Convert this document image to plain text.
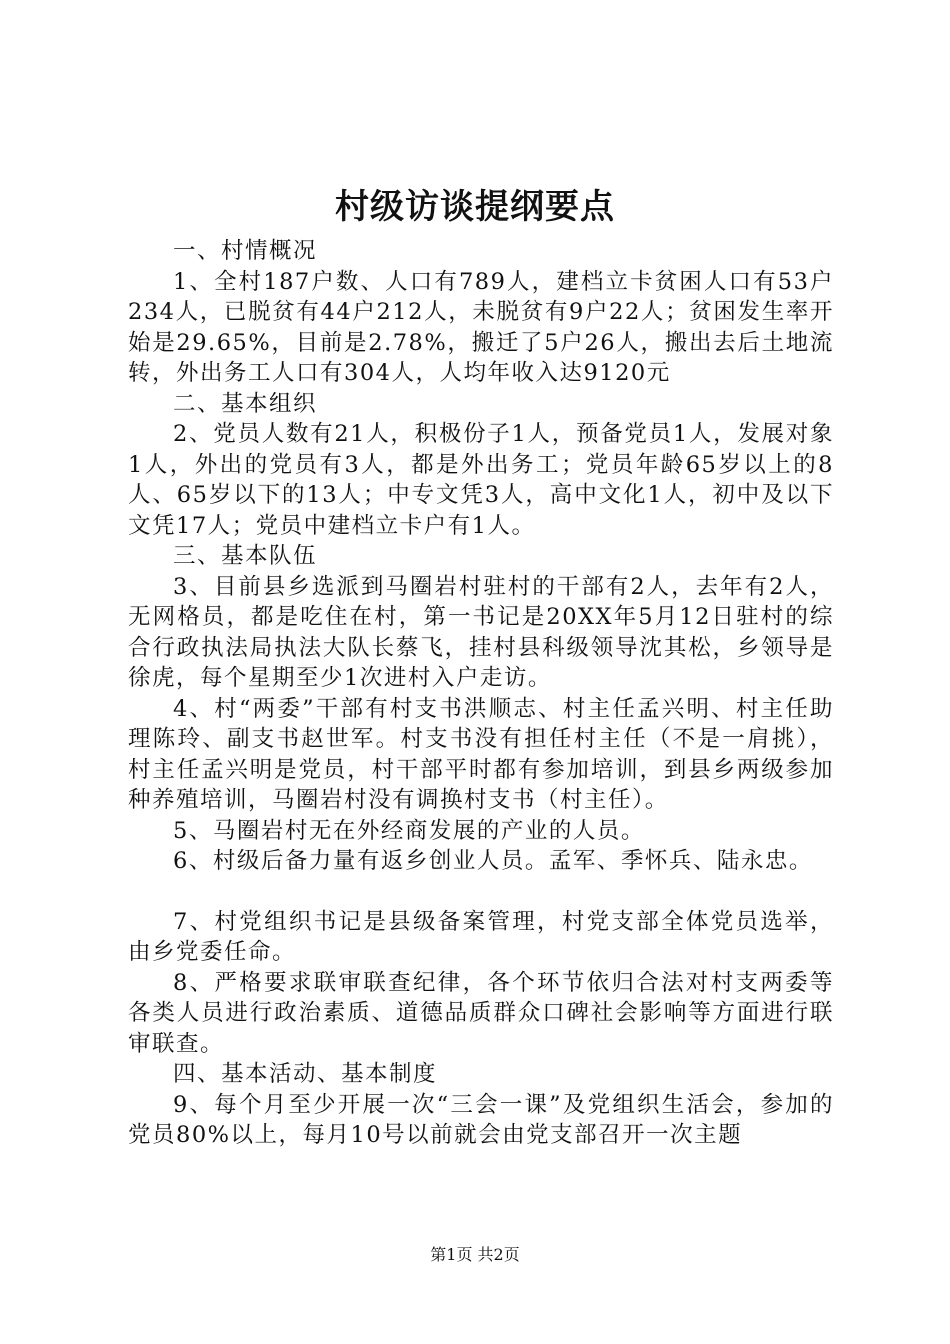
村级访谈提纲要点

一、村情概况

1、全村187户数、人口有789人，建档立卡贫困人口有53户234人，已脱贫有44户212人，未脱贫有9户22人；贫困发生率开始是29.65%，目前是2.78%，搬迁了5户26人，搬出去后土地流转，外出务工人口有304人，人均年收入达9120元

二、基本组织

2、党员人数有21人，积极份子1人，预备党员1人，发展对象1人，外出的党员有3人，都是外出务工；党员年龄65岁以上的8人、65岁以下的13人；中专文凭3人，高中文化1人，初中及以下文凭17人；党员中建档立卡户有1人。

三、基本队伍

3、目前县乡选派到马圈岩村驻村的干部有2人，去年有2人，无网格员，都是吃住在村，第一书记是20XX年5月12日驻村的综合行政执法局执法大队长蔡飞，挂村县科级领导沈其松，乡领导是徐虎，每个星期至少1次进村入户走访。

4、村“两委”干部有村支书洪顺志、村主任孟兴明、村主任助理陈玲、副支书赵世军。村支书没有担任村主任（不是一肩挑），村主任孟兴明是党员，村干部平时都有参加培训，到县乡两级参加种养殖培训，马圈岩村没有调换村支书（村主任）。

5、马圈岩村无在外经商发展的产业的人员。

6、村级后备力量有返乡创业人员。孟军、季怀兵、陆永忠。

7、村党组织书记是县级备案管理，村党支部全体党员选举，由乡党委任命。

8、严格要求联审联查纪律，各个环节依归合法对村支两委等各类人员进行政治素质、道德品质群众口碑社会影响等方面进行联审联查。

四、基本活动、基本制度

9、每个月至少开展一次“三会一课”及党组织生活会，参加的党员80%以上，每月10号以前就会由党支部召开一次主题

第1页 共2页
